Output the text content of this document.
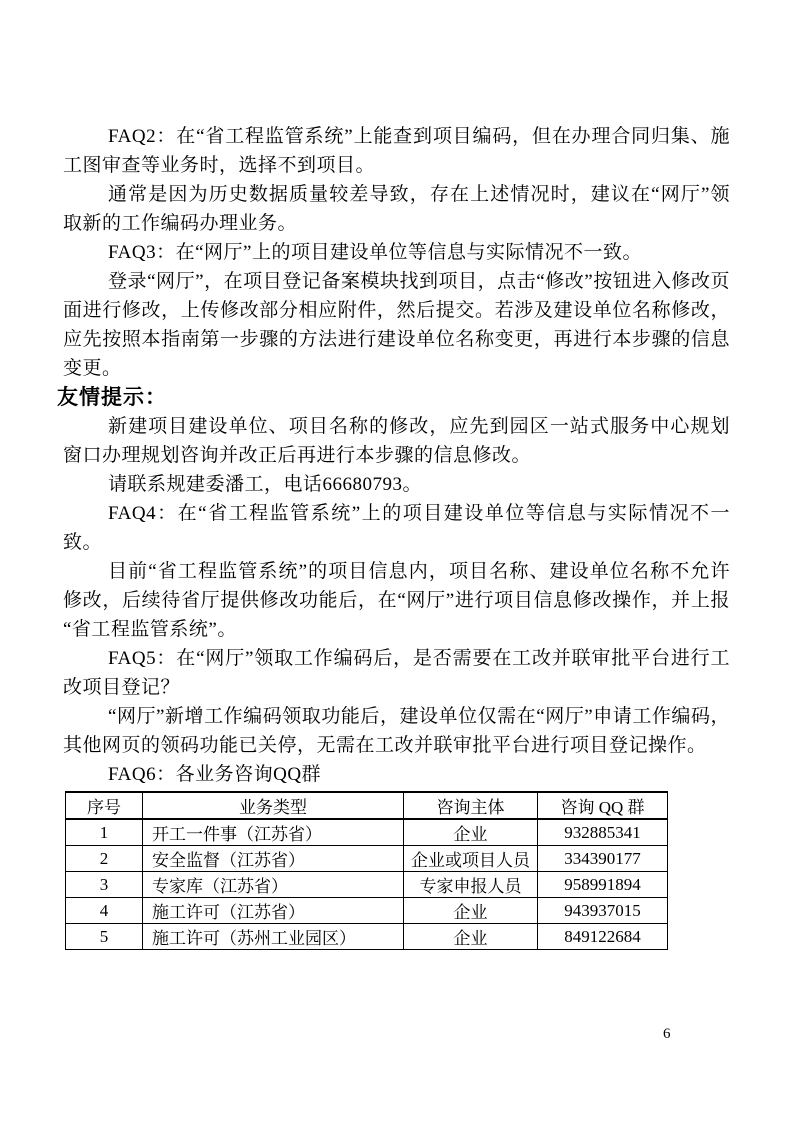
FAQ2：在“省工程监管系统”上能查到项目编码，但在办理合同归集、施工图审查等业务时，选择不到项目。

通常是因为历史数据质量较差导致，存在上述情况时，建议在“网厅”领取新的工作编码办理业务。

FAQ3：在“网厅”上的项目建设单位等信息与实际情况不一致。

登录“网厅”，在项目登记备案模块找到项目，点击“修改”按钮进入修改页面进行修改，上传修改部分相应附件，然后提交。若涉及建设单位名称修改，应先按照本指南第一步骤的方法进行建设单位名称变更，再进行本步骤的信息变更。

友情提示：

新建项目建设单位、项目名称的修改，应先到园区一站式服务中心规划窗口办理规划咨询并改正后再进行本步骤的信息修改。

请联系规建委潘工，电话66680793。

FAQ4：在“省工程监管系统”上的项目建设单位等信息与实际情况不一致。

目前“省工程监管系统”的项目信息内，项目名称、建设单位名称不允许修改，后续待省厅提供修改功能后，在“网厅”进行项目信息修改操作，并上报“省工程监管系统”。

FAQ5：在“网厅”领取工作编码后，是否需要在工改并联审批平台进行工改项目登记？

“网厅”新增工作编码领取功能后，建设单位仅需在“网厅”申请工作编码，其他网页的领码功能已关停，无需在工改并联审批平台进行项目登记操作。

FAQ6：各业务咨询QQ群

序号	业务类型	咨询主体	咨询 QQ 群
1	开工一件事（江苏省）	企业	932885341
2	安全监督（江苏省）	企业或项目人员	334390177
3	专家库（江苏省）	专家申报人员	958991894
4	施工许可（江苏省）	企业	943937015
5	施工许可（苏州工业园区）	企业	849122684
6
